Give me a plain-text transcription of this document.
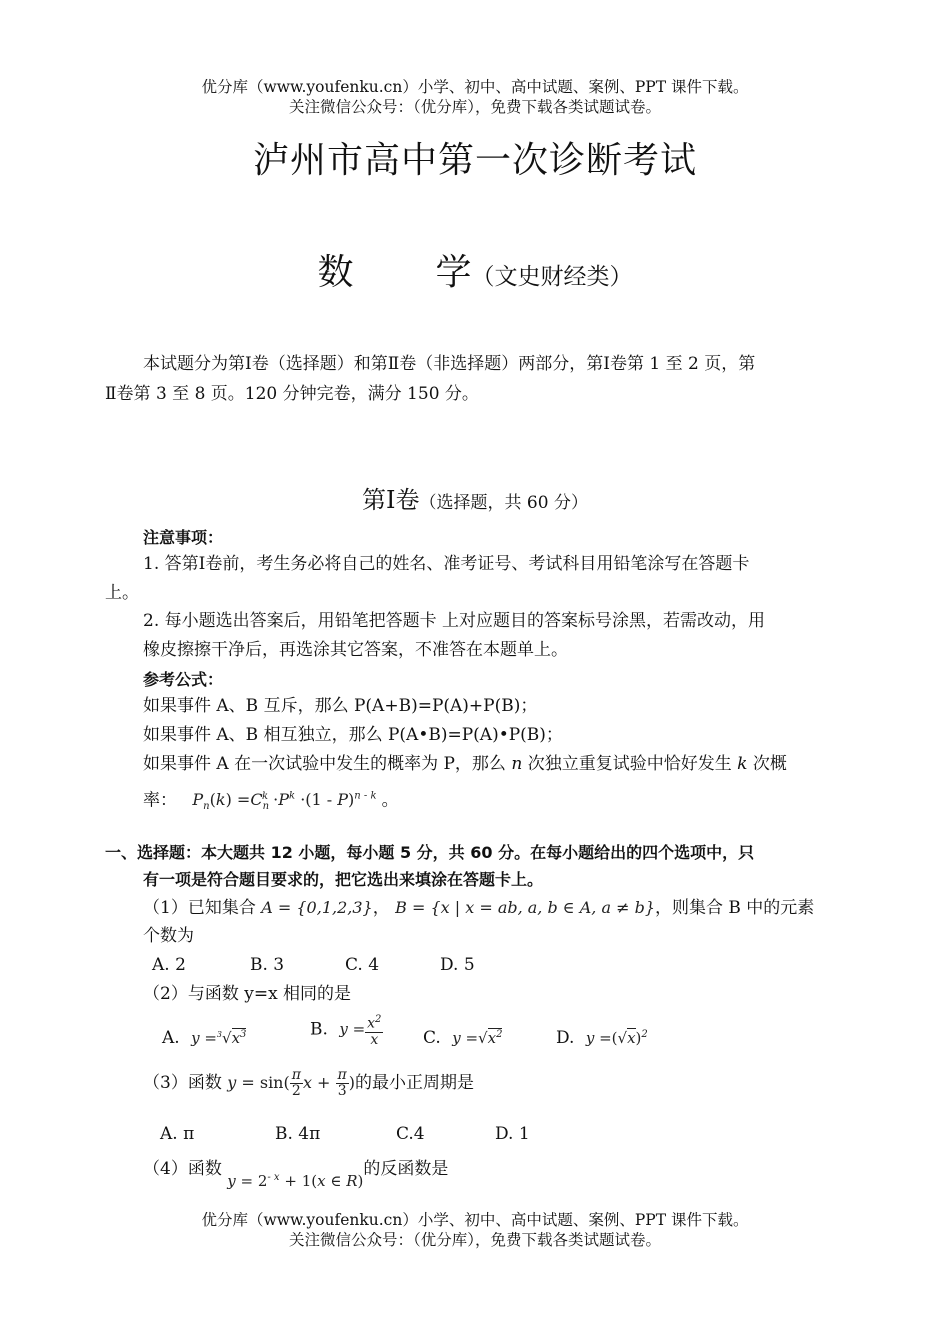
优分库（www.youfenku.cn）小学、初中、高中试题、案例、PPT 课件下载。
关注微信公众号：（优分库），免费下载各类试题试卷。
泸州市高中第一次诊断考试
数 学（文史财经类）
本试题分为第Ⅰ卷（选择题）和第Ⅱ卷（非选择题）两部分，第Ⅰ卷第 1 至 2 页，第
Ⅱ卷第 3 至 8 页。120 分钟完卷，满分 150 分。
第Ⅰ卷（选择题，共 60 分）
注意事项：
1. 答第Ⅰ卷前，考生务必将自己的姓名、准考证号、考试科目用铅笔涂写在答题卡
上。
2. 每小题选出答案后，用铅笔把答题卡 上对应题目的答案标号涂黑，若需改动，用
橡皮擦擦干净后，再选涂其它答案，不准答在本题单上。
参考公式：
如果事件 A、B 互斥，那么 P(A+B)=P(A)+P(B)；
如果事件 A、B 相互独立，那么 P(A•B)=P(A)•P(B)；
如果事件 A 在一次试验中发生的概率为 P，那么 n 次独立重复试验中恰好发生 k 次概
率： $P_n(k) =C_n^k \cdot P^k \cdot(1 - P)^{n - k}$ 。
一、选择题：本大题共 12 小题，每小题 5 分，共 60 分。在每小题给出的四个选项中，只
有一项是符合题目要求的，把它选出来填涂在答题卡上。
（1）已知集合 A = {0,1,2,3}， B = {x | x = ab, a, b ∈ A, a ≠ b}，则集合 B 中的元素
个数为
A. 2	B. 3	C. 4	D. 5
（2）与函数 y=x 相同的是
A. $y =^3√x^3$	B. $y = \frac{x^2}{x} C$. $y =√x^2$	D. $y =(√x)^2$
（3）函数 $y = \sin( \frac{\pi}{2}$ $x + \frac{\pi}{3}$ )的最小正周期是
A. π	B. 4π	C.4	D. 1
（4）函数 $y = 2^{- x} + 1(x$ ∈ R)的反函数是
优分库（www.youfenku.cn）小学、初中、高中试题、案例、PPT 课件下载。
关注微信公众号：（优分库），免费下载各类试题试卷。
